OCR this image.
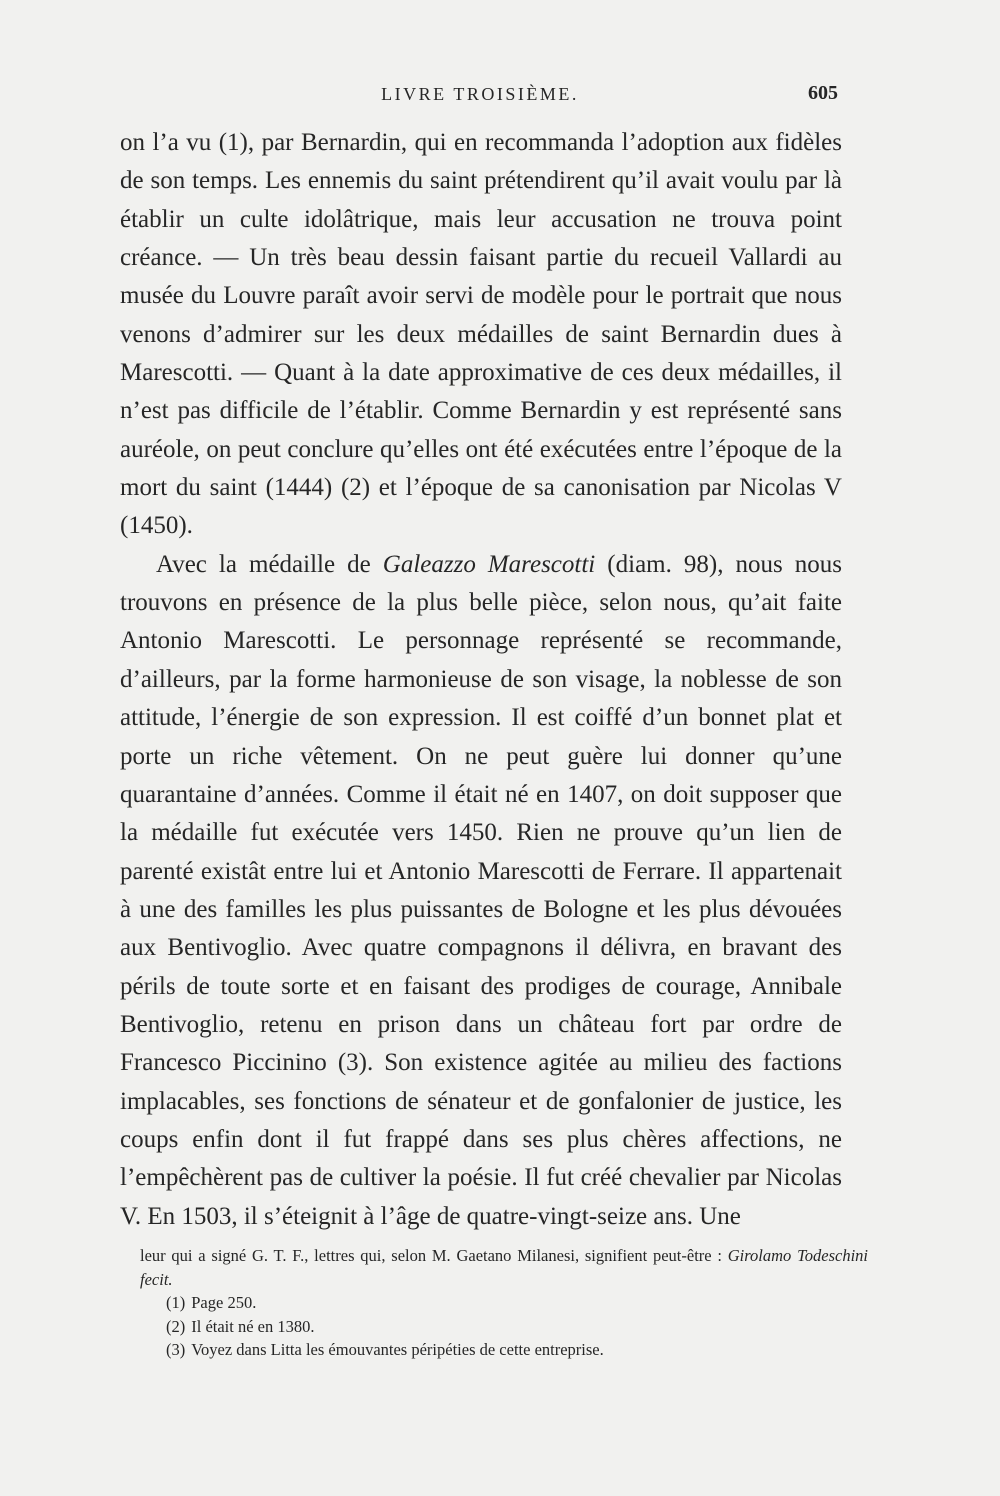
LIVRE TROISIÈME.	605

on l’a vu (1), par Bernardin, qui en recommanda l’adoption aux fidèles de son temps. Les ennemis du saint prétendirent qu’il avait voulu par là établir un culte idolâtrique, mais leur accusation ne trouva point créance. — Un très beau dessin faisant partie du recueil Vallardi au musée du Louvre paraît avoir servi de modèle pour le portrait que nous venons d’admirer sur les deux médailles de saint Bernardin dues à Marescotti. — Quant à la date approximative de ces deux médailles, il n’est pas difficile de l’établir. Comme Bernardin y est représenté sans auréole, on peut conclure qu’elles ont été exécutées entre l’époque de la mort du saint (1444) (2) et l’époque de sa canonisation par Nicolas V (1450).

Avec la médaille de Galeazzo Marescotti (diam. 98), nous nous trouvons en présence de la plus belle pièce, selon nous, qu’ait faite Antonio Marescotti. Le personnage représenté se recommande, d’ailleurs, par la forme harmonieuse de son visage, la noblesse de son attitude, l’énergie de son expression. Il est coiffé d’un bonnet plat et porte un riche vêtement. On ne peut guère lui donner qu’une quarantaine d’années. Comme il était né en 1407, on doit supposer que la médaille fut exécutée vers 1450. Rien ne prouve qu’un lien de parenté existât entre lui et Antonio Marescotti de Ferrare. Il appartenait à une des familles les plus puissantes de Bologne et les plus dévouées aux Bentivoglio. Avec quatre compagnons il délivra, en bravant des périls de toute sorte et en faisant des prodiges de courage, Annibale Bentivoglio, retenu en prison dans un château fort par ordre de Francesco Piccinino (3). Son existence agitée au milieu des factions implacables, ses fonctions de sénateur et de gonfalonier de justice, les coups enfin dont il fut frappé dans ses plus chères affections, ne l’empêchèrent pas de cultiver la poésie. Il fut créé chevalier par Nicolas V. En 1503, il s’éteignit à l’âge de quatre-vingt-seize ans. Une

leur qui a signé G. T. F., lettres qui, selon M. Gaetano Milanesi, signifient peut-être : Girolamo Todeschini fecit.

(1) Page 250.

(2) Il était né en 1380.

(3) Voyez dans Litta les émouvantes péripéties de cette entreprise.
